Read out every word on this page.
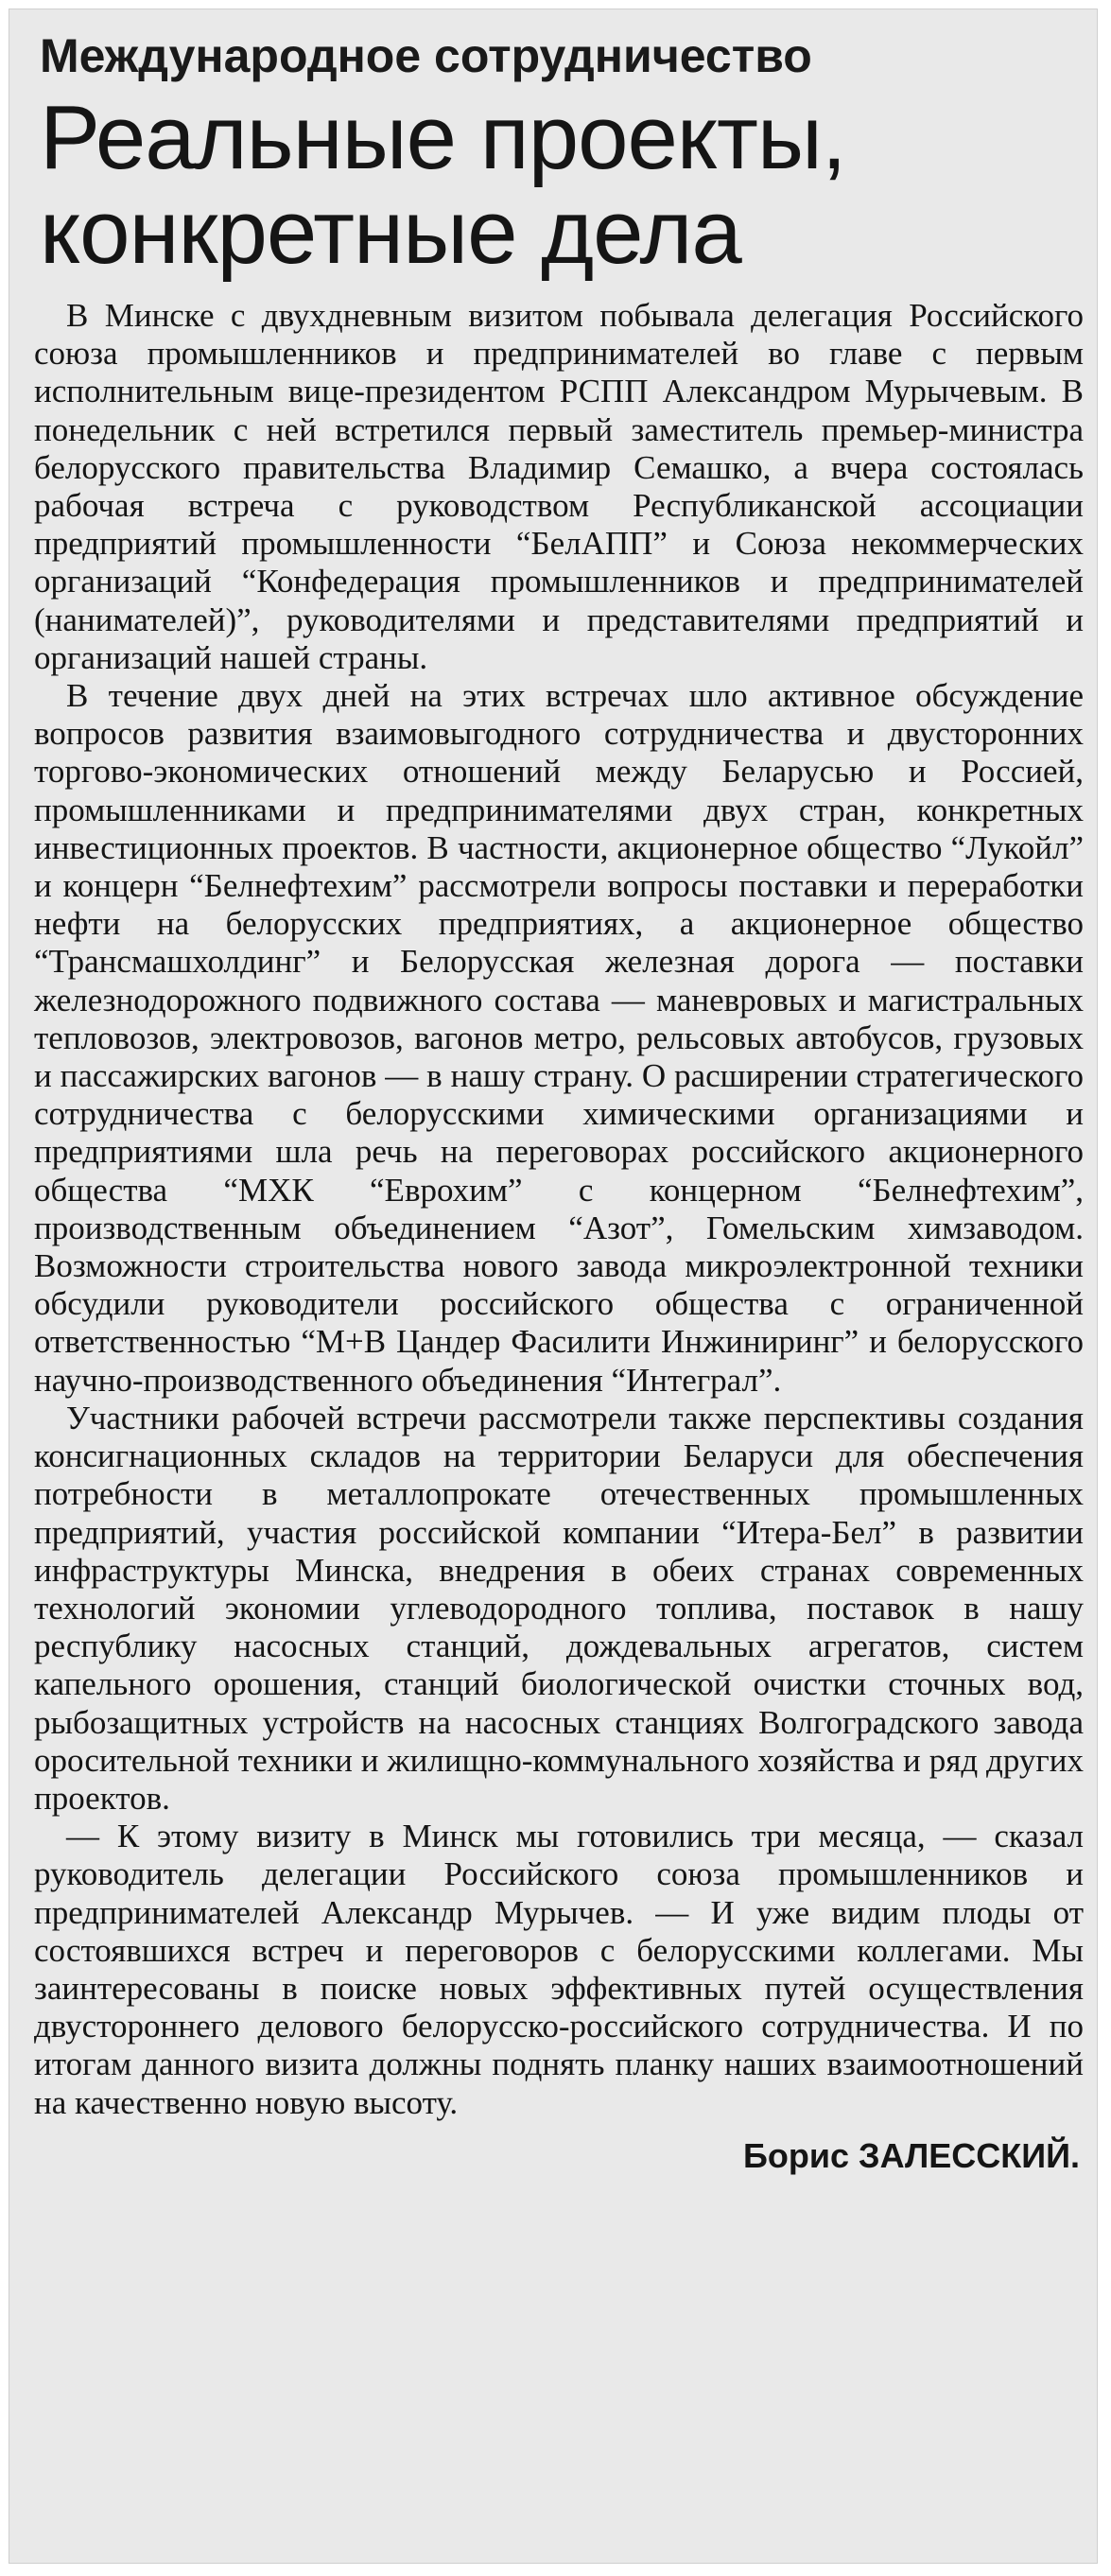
Международное сотрудничество
Реальные проекты, конкретные дела

В Минске с двухдневным визитом побывала делегация Российского союза промышленников и предпринимателей во главе с первым исполнительным вице-президентом РСПП Александром Мурычевым. В понедельник с ней встретился первый заместитель премьер-министра белорусского правительства Владимир Семашко, а вчера состоялась рабочая встреча с руководством Республиканской ассоциации предприятий промышленности “БелАПП” и Союза некоммерческих организаций “Конфедерация промышленников и предпринимателей (нанимателей)”, руководителями и представителями предприятий и организаций нашей страны.

В течение двух дней на этих встречах шло активное обсуждение вопросов развития взаимовыгодного сотрудничества и двусторонних торгово-экономических отношений между Беларусью и Россией, промышленниками и предпринимателями двух стран, конкретных инвестиционных проектов. В частности, акционерное общество “Лукойл” и концерн “Белнефтехим” рассмотрели вопросы поставки и переработки нефти на белорусских предприятиях, а акционерное общество “Трансмашхолдинг” и Белорусская железная дорога — поставки железнодорожного подвижного состава — маневровых и магистральных тепловозов, электровозов, вагонов метро, рельсовых автобусов, грузовых и пассажирских вагонов — в нашу страну. О расширении стратегического сотрудничества с белорусскими химическими организациями и предприятиями шла речь на переговорах российского акционерного общества “МХК “Еврохим” с концерном “Белнефтехим”, производственным объединением “Азот”, Гомельским химзаводом. Возможности строительства нового завода микроэлектронной техники обсудили руководители российского общества с ограниченной ответственностью “М+В Цандер Фасилити Инжиниринг” и белорусского научно-производственного объединения “Интеграл”.

Участники рабочей встречи рассмотрели также перспективы создания консигнационных складов на территории Беларуси для обеспечения потребности в металлопрокате отечественных промышленных предприятий, участия российской компании “Итера-Бел” в развитии инфраструктуры Минска, внедрения в обеих странах современных технологий экономии углеводородного топлива, поставок в нашу республику насосных станций, дождевальных агрегатов, систем капельного орошения, станций биологической очистки сточных вод, рыбозащитных устройств на насосных станциях Волгоградского завода оросительной техники и жилищно-коммунального хозяйства и ряд других проектов.

— К этому визиту в Минск мы готовились три месяца, — сказал руководитель делегации Российского союза промышленников и предпринимателей Александр Мурычев. — И уже видим плоды от состоявшихся встреч и переговоров с белорусскими коллегами. Мы заинтересованы в поиске новых эффективных путей осуществления двустороннего делового белорусско-российского сотрудничества. И по итогам данного визита должны поднять планку наших взаимоотношений на качественно новую высоту.

Борис ЗАЛЕССКИЙ.
